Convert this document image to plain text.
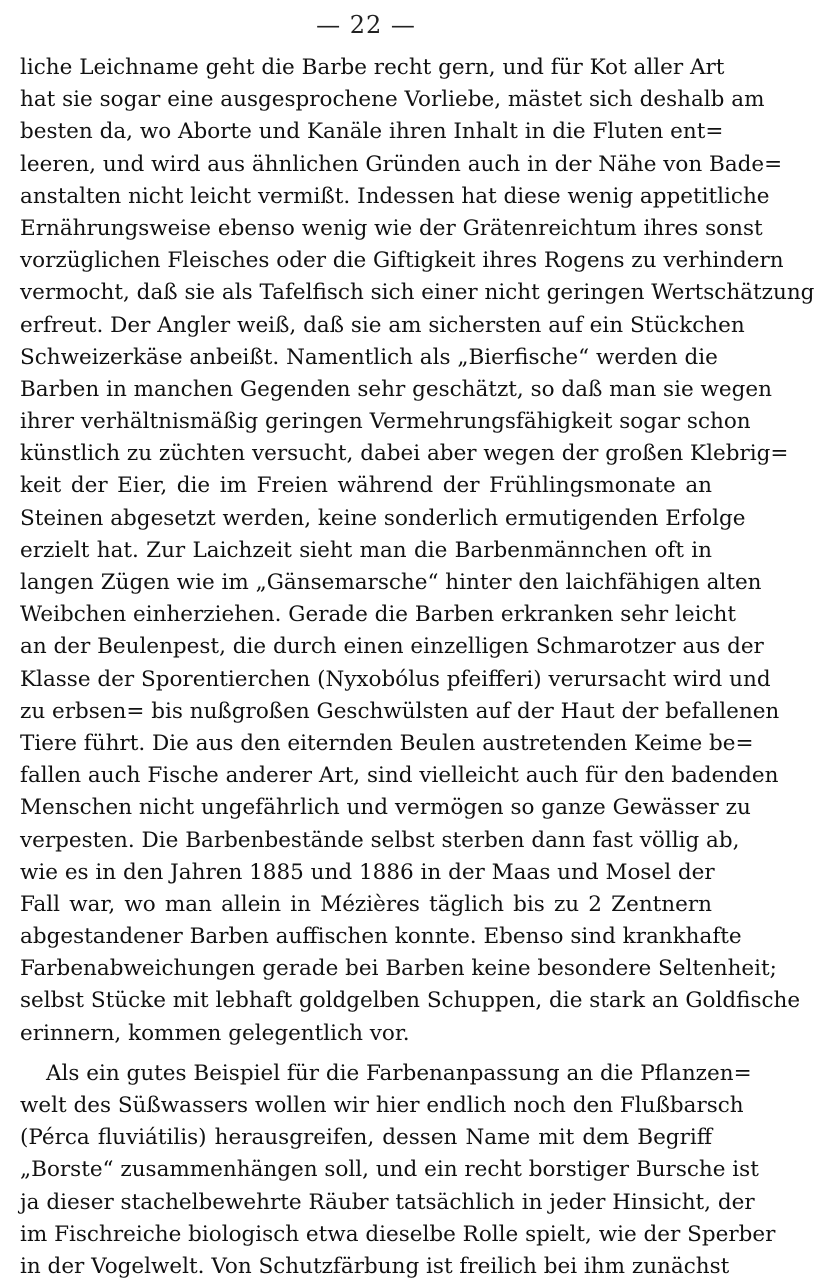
— 22 —
liche Leichname geht die Barbe recht gern, und für Kot aller Art
hat sie sogar eine ausgesprochene Vorliebe, mästet sich deshalb am
besten da, wo Aborte und Kanäle ihren Inhalt in die Fluten ent=
leeren, und wird aus ähnlichen Gründen auch in der Nähe von Bade=
anstalten nicht leicht vermißt. Indessen hat diese wenig appetitliche
Ernährungsweise ebenso wenig wie der Grätenreichtum ihres sonst
vorzüglichen Fleisches oder die Giftigkeit ihres Rogens zu verhindern
vermocht, daß sie als Tafelfisch sich einer nicht geringen Wertschätzung
erfreut. Der Angler weiß, daß sie am sichersten auf ein Stückchen
Schweizerkäse anbeißt. Namentlich als „Bierfische“ werden die
Barben in manchen Gegenden sehr geschätzt, so daß man sie wegen
ihrer verhältnismäßig geringen Vermehrungsfähigkeit sogar schon
künstlich zu züchten versucht, dabei aber wegen der großen Klebrig=
keit der Eier, die im Freien während der Frühlingsmonate an
Steinen abgesetzt werden, keine sonderlich ermutigenden Erfolge
erzielt hat. Zur Laichzeit sieht man die Barbenmännchen oft in
langen Zügen wie im „Gänsemarsche“ hinter den laichfähigen alten
Weibchen einherziehen. Gerade die Barben erkranken sehr leicht
an der Beulenpest, die durch einen einzelligen Schmarotzer aus der
Klasse der Sporentierchen (Nyxobólus pfeifferi) verursacht wird und
zu erbsen= bis nußgroßen Geschwülsten auf der Haut der befallenen
Tiere führt. Die aus den eiternden Beulen austretenden Keime be=
fallen auch Fische anderer Art, sind vielleicht auch für den badenden
Menschen nicht ungefährlich und vermögen so ganze Gewässer zu
verpesten. Die Barbenbestände selbst sterben dann fast völlig ab,
wie es in den Jahren 1885 und 1886 in der Maas und Mosel der
Fall war, wo man allein in Mézières täglich bis zu 2 Zentnern
abgestandener Barben auffischen konnte. Ebenso sind krankhafte
Farbenabweichungen gerade bei Barben keine besondere Seltenheit;
selbst Stücke mit lebhaft goldgelben Schuppen, die stark an Goldfische
erinnern, kommen gelegentlich vor.
Als ein gutes Beispiel für die Farbenanpassung an die Pflanzen=
welt des Süßwassers wollen wir hier endlich noch den Flußbarsch
(Pérca fluviátilis) herausgreifen, dessen Name mit dem Begriff
„Borste“ zusammenhängen soll, und ein recht borstiger Bursche ist
ja dieser stachelbewehrte Räuber tatsächlich in jeder Hinsicht, der
im Fischreiche biologisch etwa dieselbe Rolle spielt, wie der Sperber
in der Vogelwelt. Von Schutzfärbung ist freilich bei ihm zunächst
